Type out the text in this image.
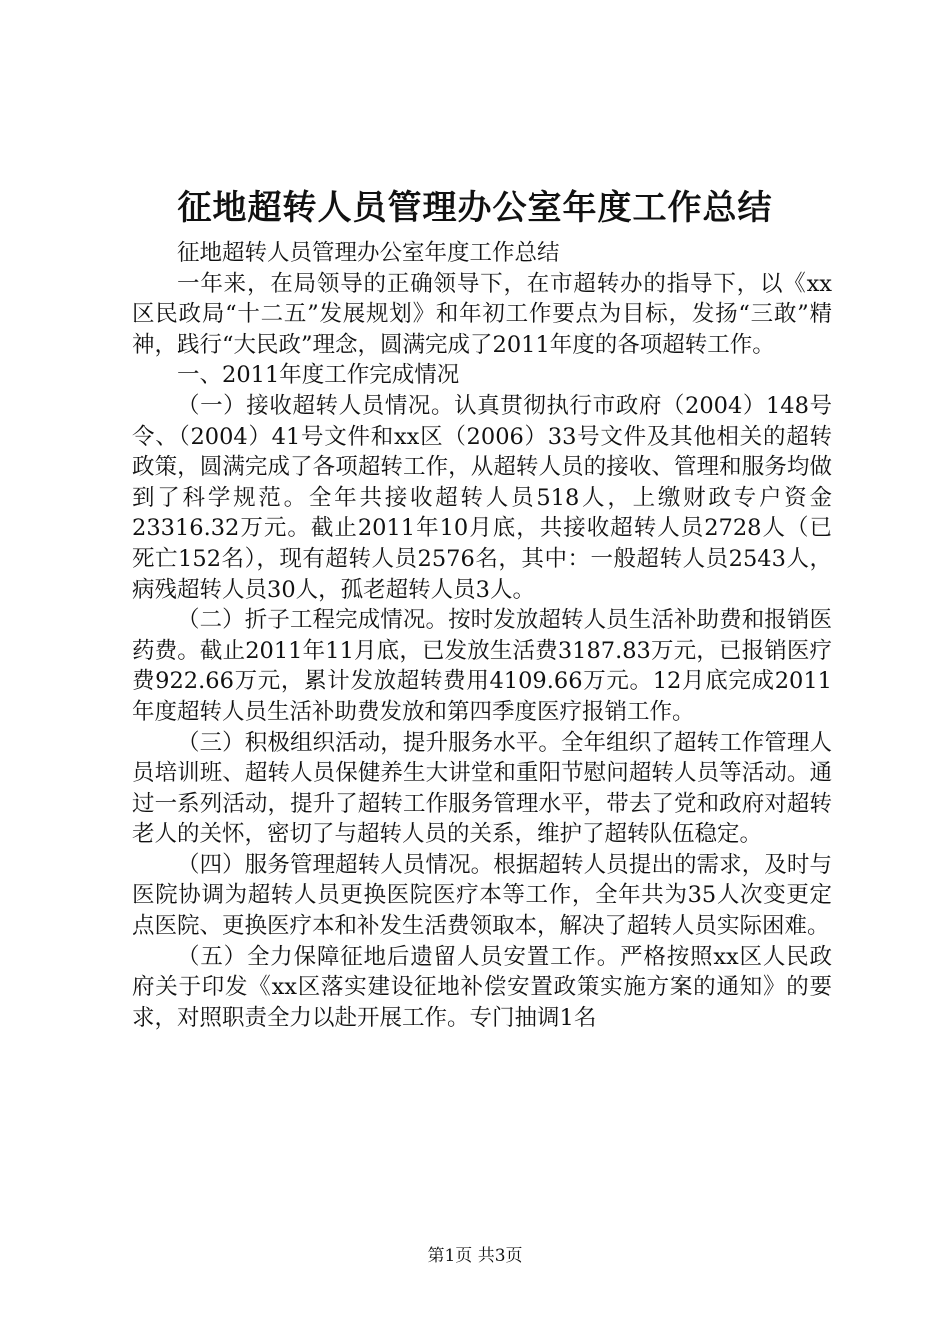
征地超转人员管理办公室年度工作总结

征地超转人员管理办公室年度工作总结

一年来，在局领导的正确领导下，在市超转办的指导下，以《xx区民政局“十二五”发展规划》和年初工作要点为目标，发扬“三敢”精神，践行“大民政”理念，圆满完成了2011年度的各项超转工作。

一、2011年度工作完成情况

（一）接收超转人员情况。认真贯彻执行市政府（2004）148号令、（2004）41号文件和xx区（2006）33号文件及其他相关的超转政策，圆满完成了各项超转工作，从超转人员的接收、管理和服务均做到了科学规范。全年共接收超转人员518人，上缴财政专户资金23316.32万元。截止2011年10月底，共接收超转人员2728人（已死亡152名），现有超转人员2576名，其中：一般超转人员2543人，病残超转人员30人，孤老超转人员3人。

（二）折子工程完成情况。按时发放超转人员生活补助费和报销医药费。截止2011年11月底，已发放生活费3187.83万元，已报销医疗费922.66万元，累计发放超转费用4109.66万元。12月底完成2011年度超转人员生活补助费发放和第四季度医疗报销工作。

（三）积极组织活动，提升服务水平。全年组织了超转工作管理人员培训班、超转人员保健养生大讲堂和重阳节慰问超转人员等活动。通过一系列活动，提升了超转工作服务管理水平，带去了党和政府对超转老人的关怀，密切了与超转人员的关系，维护了超转队伍稳定。

（四）服务管理超转人员情况。根据超转人员提出的需求，及时与医院协调为超转人员更换医院医疗本等工作，全年共为35人次变更定点医院、更换医疗本和补发生活费领取本，解决了超转人员实际困难。

（五）全力保障征地后遗留人员安置工作。严格按照xx区人民政府关于印发《xx区落实建设征地补偿安置政策实施方案的通知》的要求，对照职责全力以赴开展工作。专门抽调1名

第1页 共3页
